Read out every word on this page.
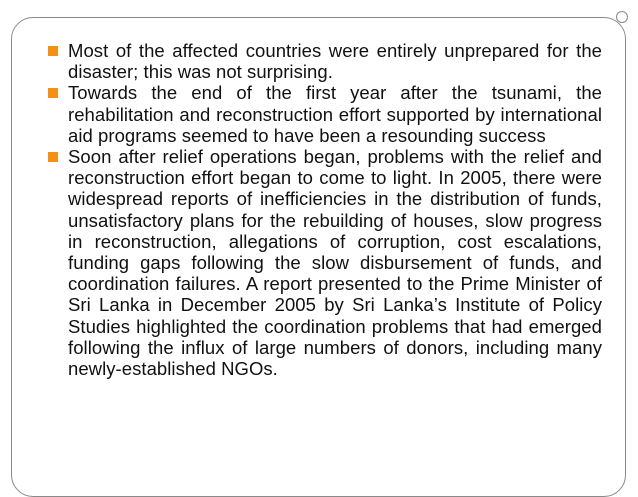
Most of the affected countries were entirely unprepared for the disaster; this was not surprising.
Towards the end of the first year after the tsunami, the rehabilitation and reconstruction effort supported by international aid programs seemed to have been a resounding success
Soon after relief operations began, problems with the relief and reconstruction effort began to come to light. In 2005, there were widespread reports of inefficiencies in the distribution of funds, unsatisfactory plans for the rebuilding of houses, slow progress in reconstruction, allegations of corruption, cost escalations, funding gaps following the slow disbursement of funds, and coordination failures. A report presented to the Prime Minister of Sri Lanka in December 2005 by Sri Lanka’s Institute of Policy Studies highlighted the coordination problems that had emerged following the influx of large numbers of donors, including many newly-established NGOs.
